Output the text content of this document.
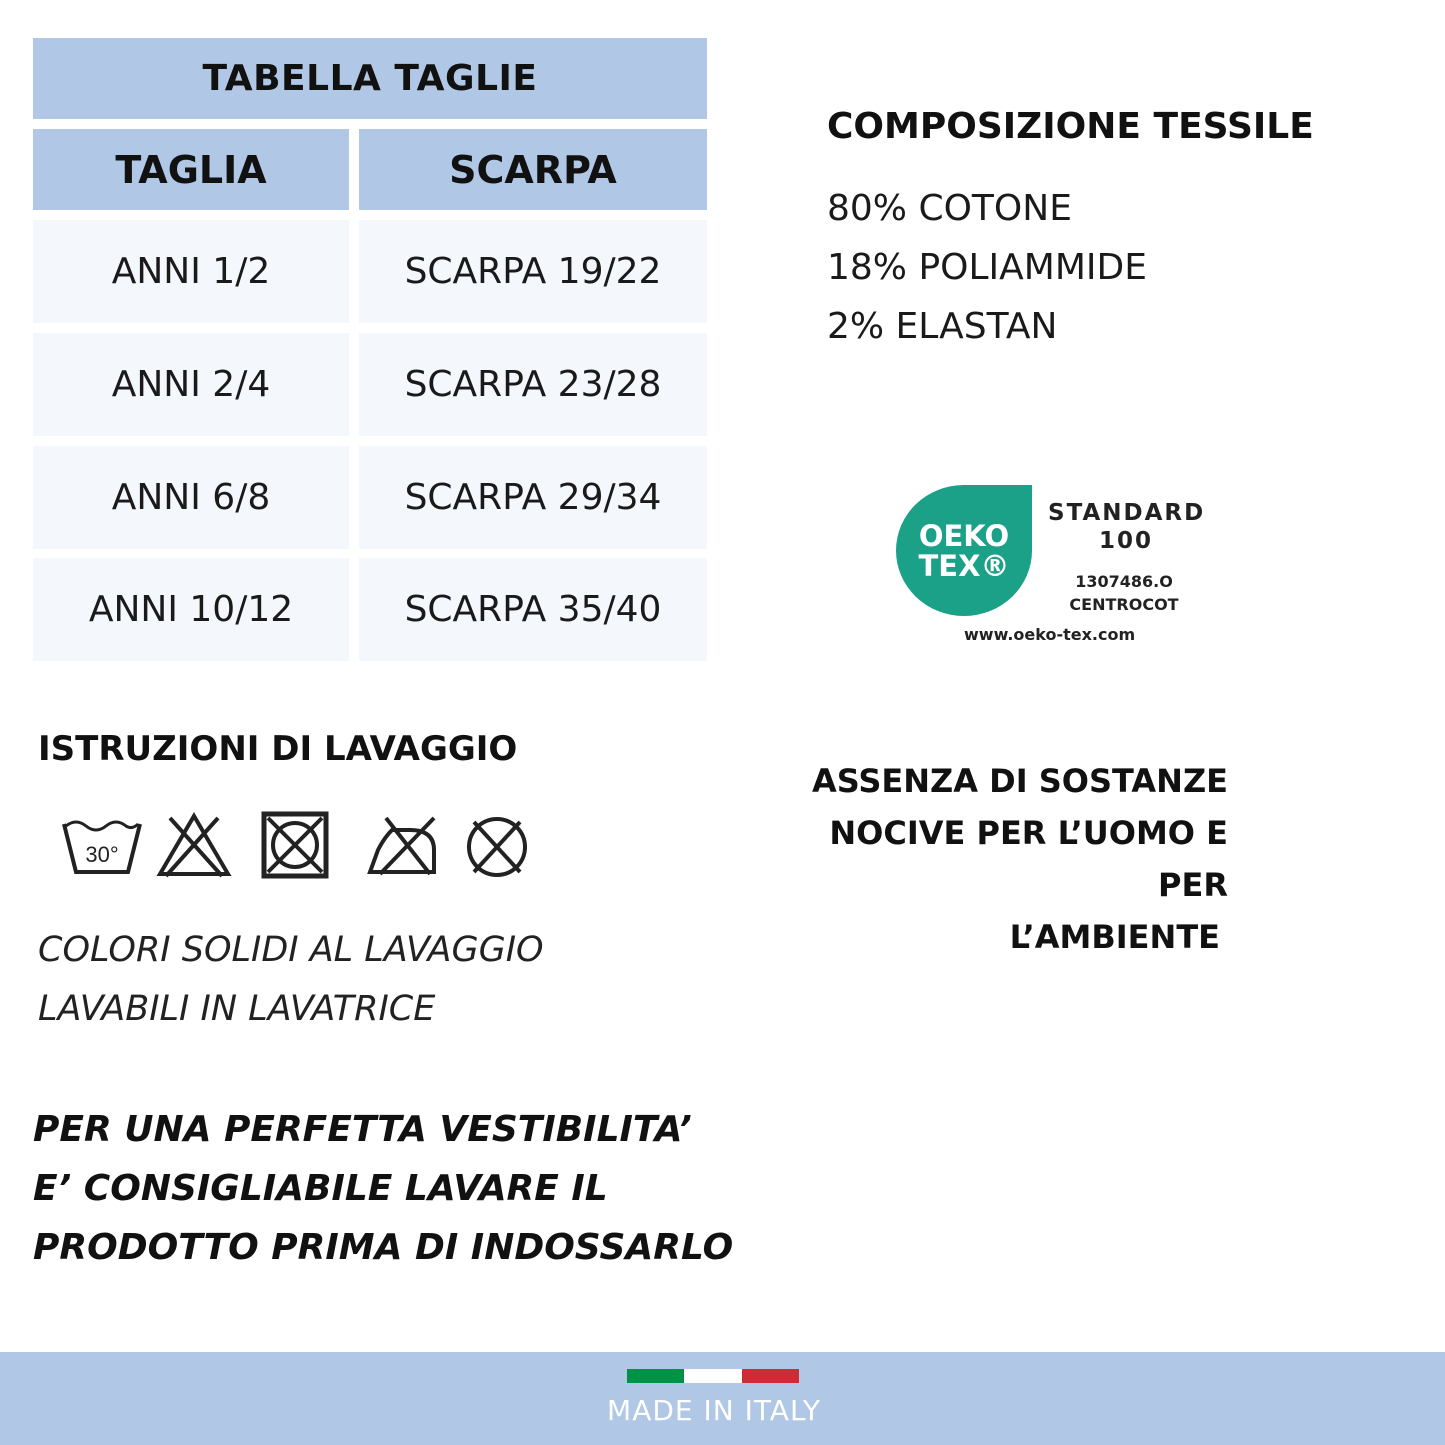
TABELLA TAGLIE
TAGLIA	SCARPA
ANNI 1/2	SCARPA 19/22
ANNI 2/4	SCARPA 23/28
ANNI 6/8	SCARPA 29/34
ANNI 10/12	SCARPA 35/40
COMPOSIZIONE TESSILE
80% COTONE
18% POLIAMMIDE
2% ELASTAN
OEKO
TEX®
STANDARD
100
1307486.O
CENTROCOT
www.oeko-tex.com
ASSENZA DI SOSTANZE
NOCIVE PER L’UOMO E PER
L’AMBIENTE
ISTRUZIONI DI LAVAGGIO
30°
COLORI SOLIDI AL LAVAGGIO
LAVABILI IN LAVATRICE
PER UNA PERFETTA VESTIBILITA’
E’ CONSIGLIABILE LAVARE IL
PRODOTTO PRIMA DI INDOSSARLO
MADE IN ITALY
